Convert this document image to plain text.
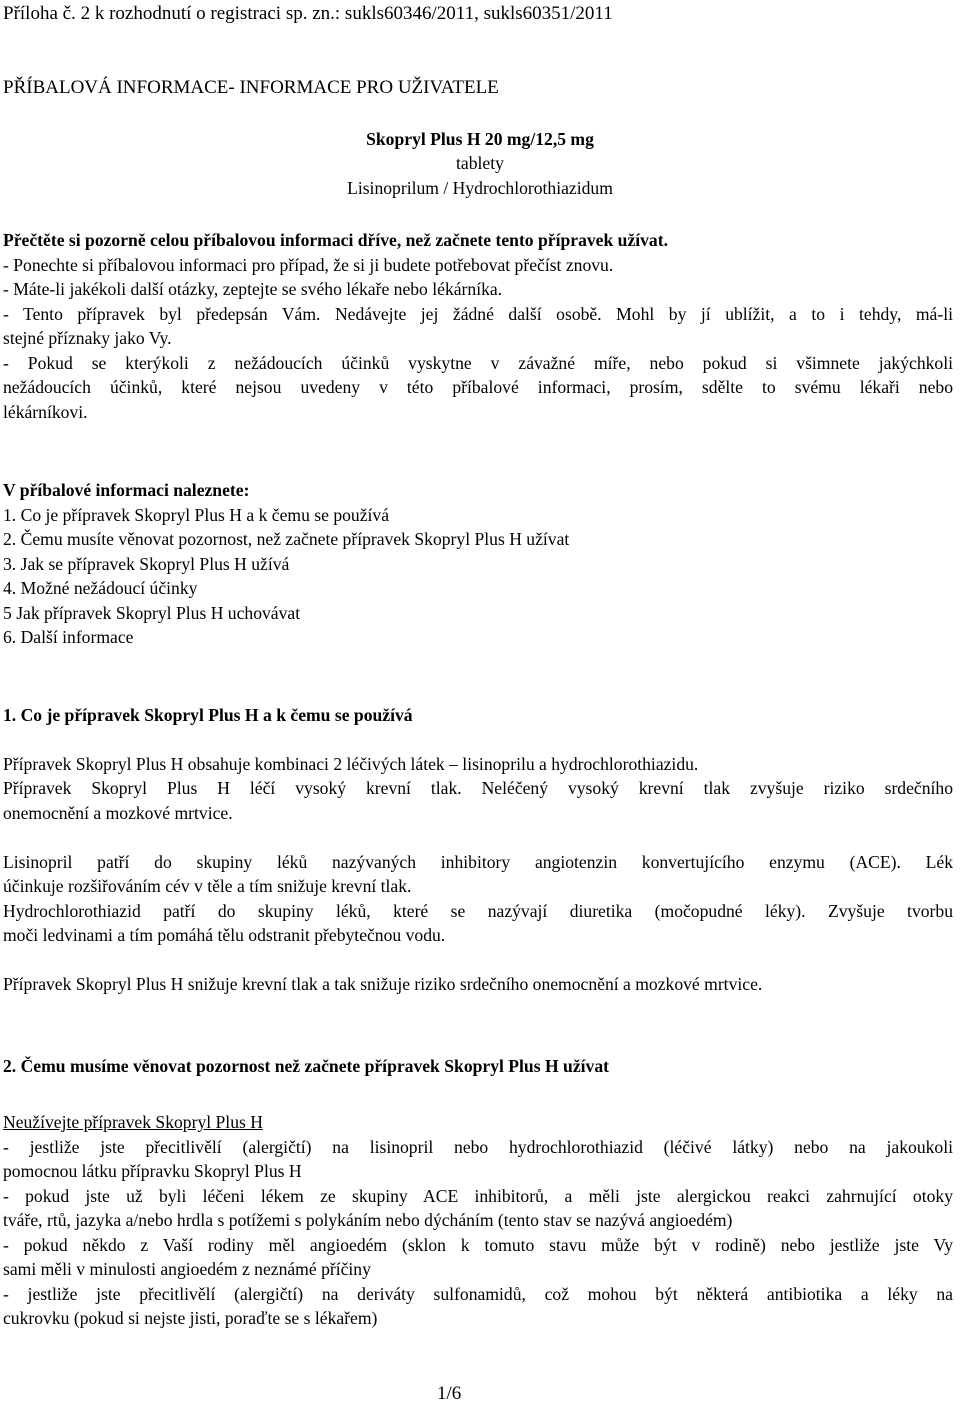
Příloha č. 2 k rozhodnutí o registraci sp. zn.: sukls60346/2011, sukls60351/2011
PŘÍBALOVÁ INFORMACE- INFORMACE PRO UŽIVATELE
Skopryl Plus H 20 mg/12,5 mg
tablety
Lisinoprilum / Hydrochlorothiazidum
Přečtěte si pozorně celou příbalovou informaci dříve, než začnete tento přípravek užívat.
- Ponechte si příbalovou informaci pro případ, že si ji budete potřebovat přečíst znovu.
- Máte-li jakékoli další otázky, zeptejte se svého lékaře nebo lékárníka.
- Tento přípravek byl předepsán Vám. Nedávejte jej žádné další osobě. Mohl by jí ublížit, a to i tehdy, má-li
stejné příznaky jako Vy.
- Pokud se kterýkoli z nežádoucích účinků vyskytne v závažné míře, nebo pokud si všimnete jakýchkoli
nežádoucích účinků, které nejsou uvedeny v této příbalové informaci, prosím, sdělte to svému lékaři nebo
lékárníkovi.
V příbalové informaci naleznete:
1. Co je přípravek Skopryl Plus H a k čemu se používá
2. Čemu musíte věnovat pozornost, než začnete přípravek Skopryl Plus H užívat
3. Jak se přípravek Skopryl Plus H užívá
4. Možné nežádoucí účinky
5 Jak přípravek Skopryl Plus H uchovávat
6. Další informace
1. Co je přípravek Skopryl Plus H a k čemu se používá
Přípravek Skopryl Plus H obsahuje kombinaci 2 léčivých látek – lisinoprilu a hydrochlorothiazidu.
Přípravek Skopryl Plus H léčí vysoký krevní tlak. Neléčený vysoký krevní tlak zvyšuje riziko srdečního
onemocnění a mozkové mrtvice.
Lisinopril patří do skupiny léků nazývaných inhibitory angiotenzin konvertujícího enzymu (ACE). Lék
účinkuje rozšiřováním cév v těle a tím snižuje krevní tlak.
Hydrochlorothiazid patří do skupiny léků, které se nazývají diuretika (močopudné léky). Zvyšuje tvorbu
moči ledvinami a tím pomáhá tělu odstranit přebytečnou vodu.
Přípravek Skopryl Plus H snižuje krevní tlak a tak snižuje riziko srdečního onemocnění a mozkové mrtvice.
2. Čemu musíme věnovat pozornost než začnete přípravek Skopryl Plus H užívat
Neužívejte přípravek Skopryl Plus H
- jestliže jste přecitlivělí (alergičtí) na lisinopril nebo hydrochlorothiazid (léčivé látky) nebo na jakoukoli
pomocnou látku přípravku Skopryl Plus H
- pokud jste už byli léčeni lékem ze skupiny ACE inhibitorů, a měli jste alergickou reakci zahrnující otoky
tváře, rtů, jazyka a/nebo hrdla s potížemi s polykáním nebo dýcháním (tento stav se nazývá angioedém)
- pokud někdo z Vaší rodiny měl angioedém (sklon k tomuto stavu může být v rodině) nebo jestliže jste Vy
sami měli v minulosti angioedém z neznámé příčiny
- jestliže jste přecitlivělí (alergičtí) na deriváty sulfonamidů, což mohou být některá antibiotika a léky na
cukrovku (pokud si nejste jisti, poraďte se s lékařem)
1/6
